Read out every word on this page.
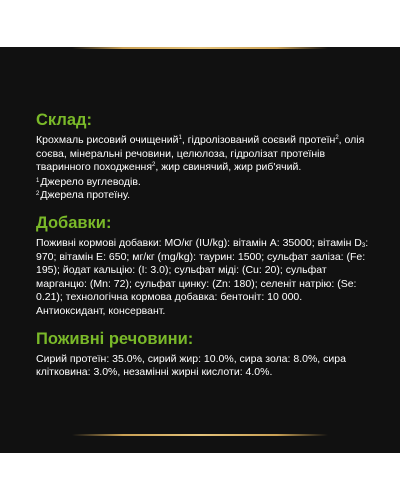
Склад:

Крохмаль рисовий очищений$^1$, гідролізований соєвий протеїн$^2$, олія соєва, мінеральні речовини, целюлоза, гідролізат протеїнів тваринного походження$^2$, жир свинячий, жир риб'ячий.

$^1$Джерело вуглеводів.

$^2$Джерела протеїну.

Добавки:

Поживні кормові добавки: МО/кг (IU/kg): вітамін A: 35000; вітамін $D_3$: 970; вітамін E: 650; мг/кг (mg/kg): таурин: 1500; сульфат заліза: (Fe: 195); йодат кальцію: (I: 3.0); сульфат міді: (Cu: 20); сульфат марганцю: (Mn: 72); сульфат цинку: (Zn: 180); селеніт натрію: (Se: 0.21); технологічна кормова добавка: бентоніт: 10 000.

Антиоксидант, консервант.

Поживні речовини:

Сирий протеїн: 35.0%, сирий жир: 10.0%, сира зола: 8.0%, сира клітковина: 3.0%, незамінні жирні кислоти: 4.0%.
